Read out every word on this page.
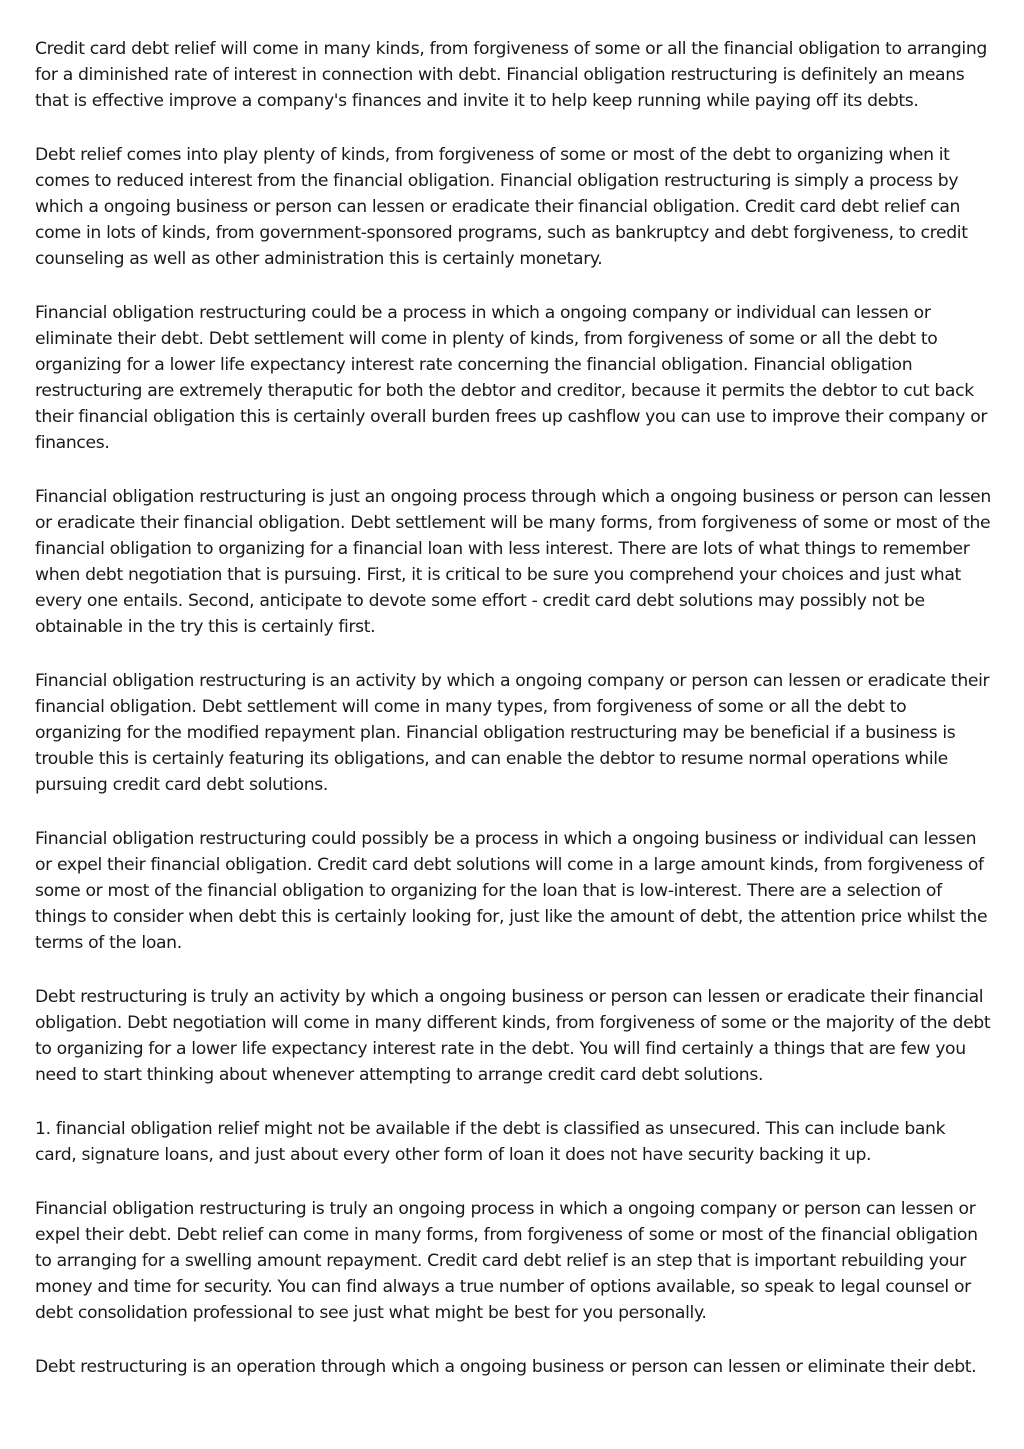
Credit card debt relief will come in many kinds, from forgiveness of some or all the financial obligation to arranging for a diminished rate of interest in connection with debt. Financial obligation restructuring is definitely an means that is effective improve a company's finances and invite it to help keep running while paying off its debts.

Debt relief comes into play plenty of kinds, from forgiveness of some or most of the debt to organizing when it comes to reduced interest from the financial obligation. Financial obligation restructuring is simply a process by which a ongoing business or person can lessen or eradicate their financial obligation. Credit card debt relief can come in lots of kinds, from government-sponsored programs, such as bankruptcy and debt forgiveness, to credit counseling as well as other administration this is certainly monetary.

Financial obligation restructuring could be a process in which a ongoing company or individual can lessen or eliminate their debt. Debt settlement will come in plenty of kinds, from forgiveness of some or all the debt to organizing for a lower life expectancy interest rate concerning the financial obligation. Financial obligation restructuring are extremely theraputic for both the debtor and creditor, because it permits the debtor to cut back their financial obligation this is certainly overall burden frees up cashflow you can use to improve their company or finances.

Financial obligation restructuring is just an ongoing process through which a ongoing business or person can lessen or eradicate their financial obligation. Debt settlement will be many forms, from forgiveness of some or most of the financial obligation to organizing for a financial loan with less interest. There are lots of what things to remember when debt negotiation that is pursuing. First, it is critical to be sure you comprehend your choices and just what every one entails. Second, anticipate to devote some effort - credit card debt solutions may possibly not be obtainable in the try this is certainly first.

Financial obligation restructuring is an activity by which a ongoing company or person can lessen or eradicate their financial obligation. Debt settlement will come in many types, from forgiveness of some or all the debt to organizing for the modified repayment plan. Financial obligation restructuring may be beneficial if a business is trouble this is certainly featuring its obligations, and can enable the debtor to resume normal operations while pursuing credit card debt solutions.

Financial obligation restructuring could possibly be a process in which a ongoing business or individual can lessen or expel their financial obligation. Credit card debt solutions will come in a large amount kinds, from forgiveness of some or most of the financial obligation to organizing for the loan that is low-interest. There are a selection of things to consider when debt this is certainly looking for, just like the amount of debt, the attention price whilst the terms of the loan.

Debt restructuring is truly an activity by which a ongoing business or person can lessen or eradicate their financial obligation. Debt negotiation will come in many different kinds, from forgiveness of some or the majority of the debt to organizing for a lower life expectancy interest rate in the debt. You will find certainly a things that are few you need to start thinking about whenever attempting to arrange credit card debt solutions.

1. financial obligation relief might not be available if the debt is classified as unsecured. This can include bank card, signature loans, and just about every other form of loan it does not have security backing it up.

Financial obligation restructuring is truly an ongoing process in which a ongoing company or person can lessen or expel their debt. Debt relief can come in many forms, from forgiveness of some or most of the financial obligation to arranging for a swelling amount repayment. Credit card debt relief is an step that is important rebuilding your money and time for security. You can find always a true number of options available, so speak to legal counsel or debt consolidation professional to see just what might be best for you personally.

Debt restructuring is an operation through which a ongoing business or person can lessen or eliminate their debt.
